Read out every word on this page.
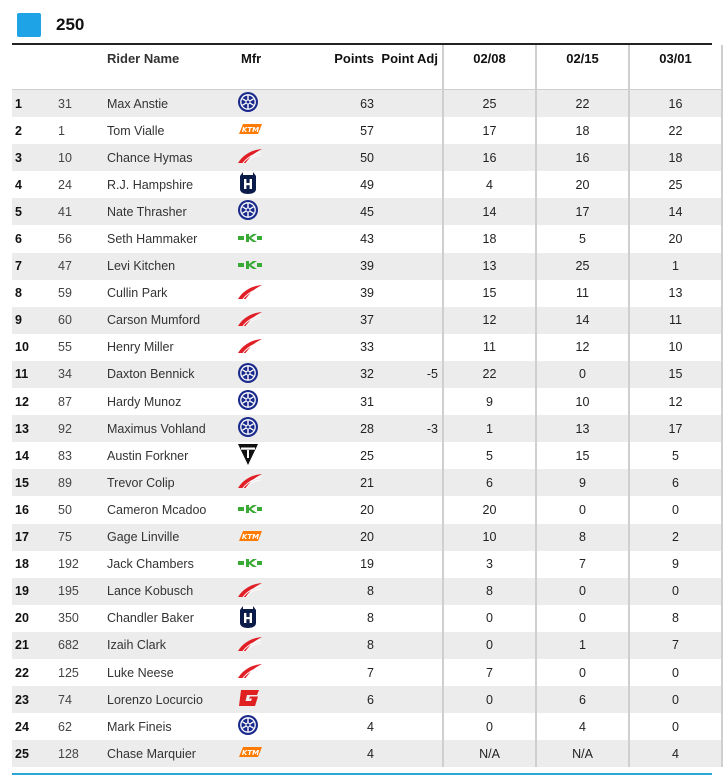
250
		Rider Name	Mfr	Points	Point Adj	02/08	02/15	03/01
1	31	Max Anstie		63		25	22	16
2	1	Tom Vialle	KTM	57		17	18	22
3	10	Chance Hymas		50		16	16	18
4	24	R.J. Hampshire		49		4	20	25
5	41	Nate Thrasher		45		14	17	14
6	56	Seth Hammaker		43		18	5	20
7	47	Levi Kitchen		39		13	25	1
8	59	Cullin Park		39		15	11	13
9	60	Carson Mumford		37		12	14	11
10	55	Henry Miller		33		11	12	10
11	34	Daxton Bennick		32	-5	22	0	15
12	87	Hardy Munoz		31		9	10	12
13	92	Maximus Vohland		28	-3	1	13	17
14	83	Austin Forkner		25		5	15	5
15	89	Trevor Colip		21		6	9	6
16	50	Cameron Mcadoo		20		20	0	0
17	75	Gage Linville	KTM	20		10	8	2
18	192	Jack Chambers		19		3	7	9
19	195	Lance Kobusch		8		8	0	0
20	350	Chandler Baker		8		0	0	8
21	682	Izaih Clark		8		0	1	7
22	125	Luke Neese		7		7	0	0
23	74	Lorenzo Locurcio		6		0	6	0
24	62	Mark Fineis		4		0	4	0
25	128	Chase Marquier	KTM	4		N/A	N/A	4
